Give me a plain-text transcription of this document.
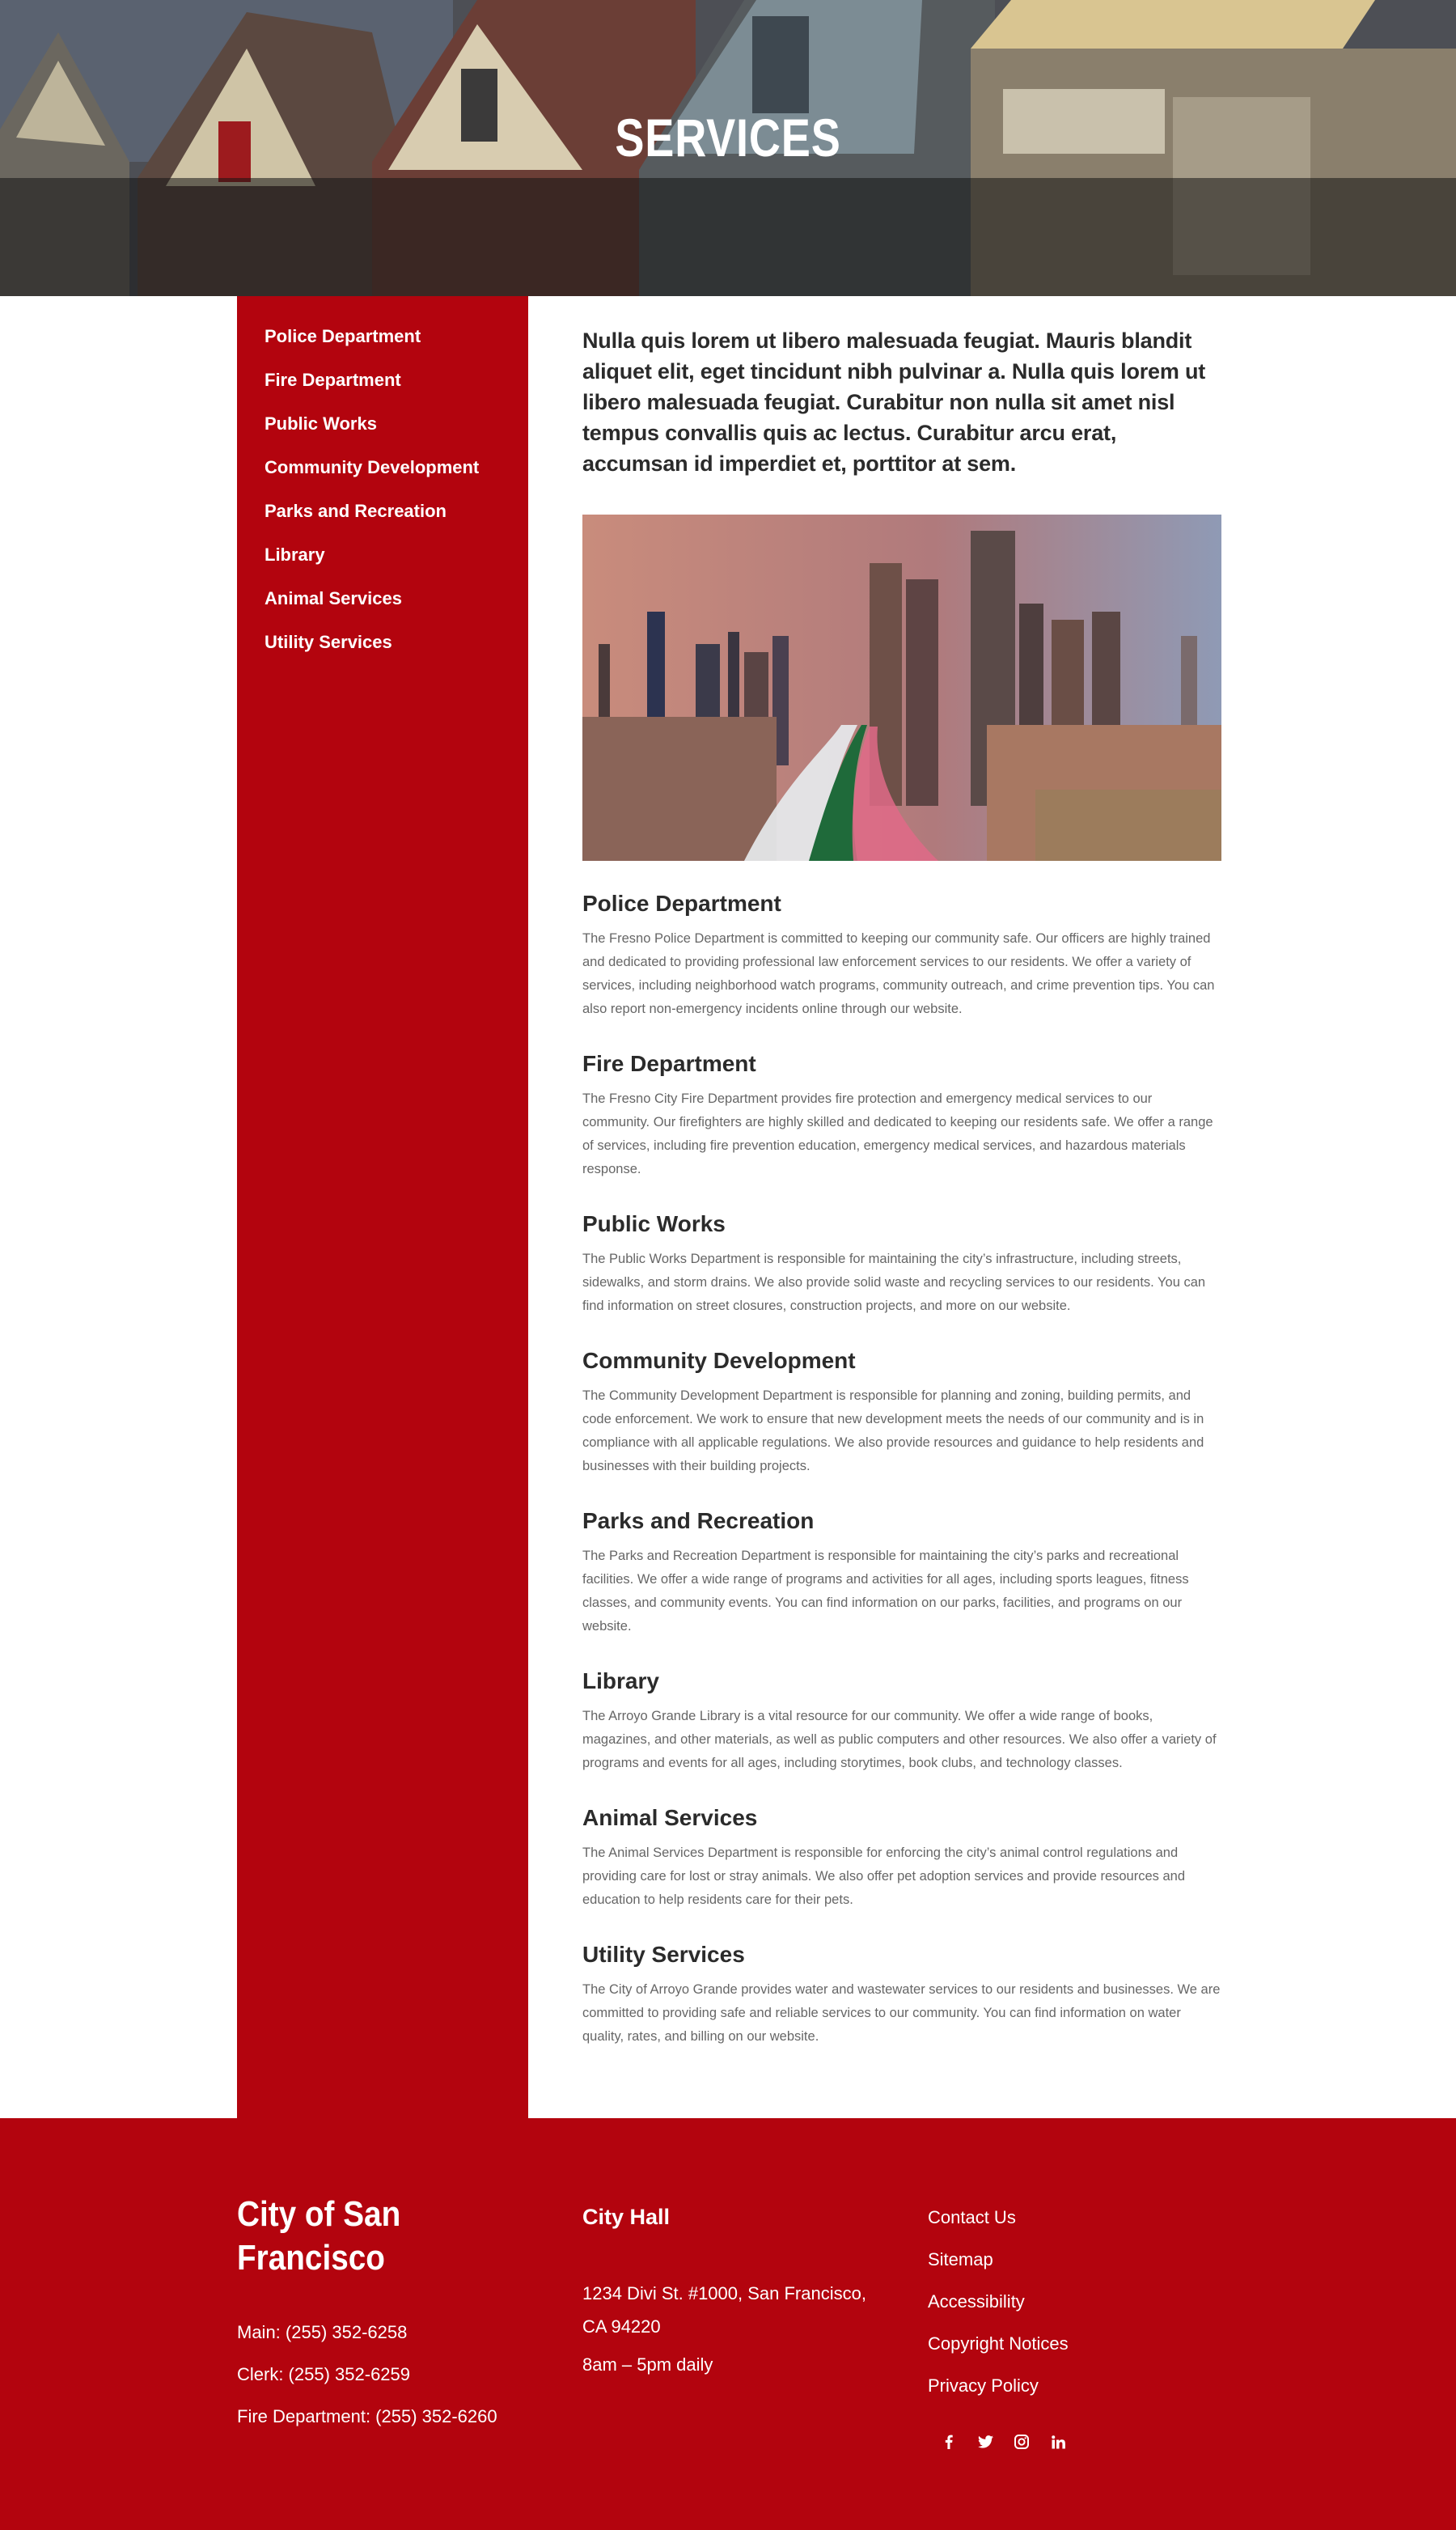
SERVICES
Police Department
Fire Department
Public Works
Community Development
Parks and Recreation
Library
Animal Services
Utility Services

Nulla quis lorem ut libero malesuada feugiat. Mauris blandit aliquet elit, eget tincidunt nibh pulvinar a. Nulla quis lorem ut libero malesuada feugiat. Curabitur non nulla sit amet nisl tempus convallis quis ac lectus. Curabitur arcu erat, accumsan id imperdiet et, porttitor at sem.

Police Department

The Fresno Police Department is committed to keeping our community safe. Our officers are highly trained and dedicated to providing professional law enforcement services to our residents. We offer a variety of services, including neighborhood watch programs, community outreach, and crime prevention tips. You can also report non-emergency incidents online through our website.

Fire Department

The Fresno City Fire Department provides fire protection and emergency medical services to our community. Our firefighters are highly skilled and dedicated to keeping our residents safe. We offer a range of services, including fire prevention education, emergency medical services, and hazardous materials response.

Public Works

The Public Works Department is responsible for maintaining the city’s infrastructure, including streets, sidewalks, and storm drains. We also provide solid waste and recycling services to our residents. You can find information on street closures, construction projects, and more on our website.

Community Development

The Community Development Department is responsible for planning and zoning, building permits, and code enforcement. We work to ensure that new development meets the needs of our community and is in compliance with all applicable regulations. We also provide resources and guidance to help residents and businesses with their building projects.

Parks and Recreation

The Parks and Recreation Department is responsible for maintaining the city’s parks and recreational facilities. We offer a wide range of programs and activities for all ages, including sports leagues, fitness classes, and community events. You can find information on our parks, facilities, and programs on our website.

Library

The Arroyo Grande Library is a vital resource for our community. We offer a wide range of books, magazines, and other materials, as well as public computers and other resources. We also offer a variety of programs and events for all ages, including storytimes, book clubs, and technology classes.

Animal Services

The Animal Services Department is responsible for enforcing the city’s animal control regulations and providing care for lost or stray animals. We also offer pet adoption services and provide resources and education to help residents care for their pets.

Utility Services

The City of Arroyo Grande provides water and wastewater services to our residents and businesses. We are committed to providing safe and reliable services to our community. You can find information on water quality, rates, and billing on our website.

City of San Francisco
Main: (255) 352-6258
Clerk: (255) 352-6259
Fire Department: (255) 352-6260
City Hall
1234 Divi St. #1000, San Francisco, CA 94220
8am – 5pm daily
Contact Us
Sitemap
Accessibility
Copyright Notices
Privacy Policy
